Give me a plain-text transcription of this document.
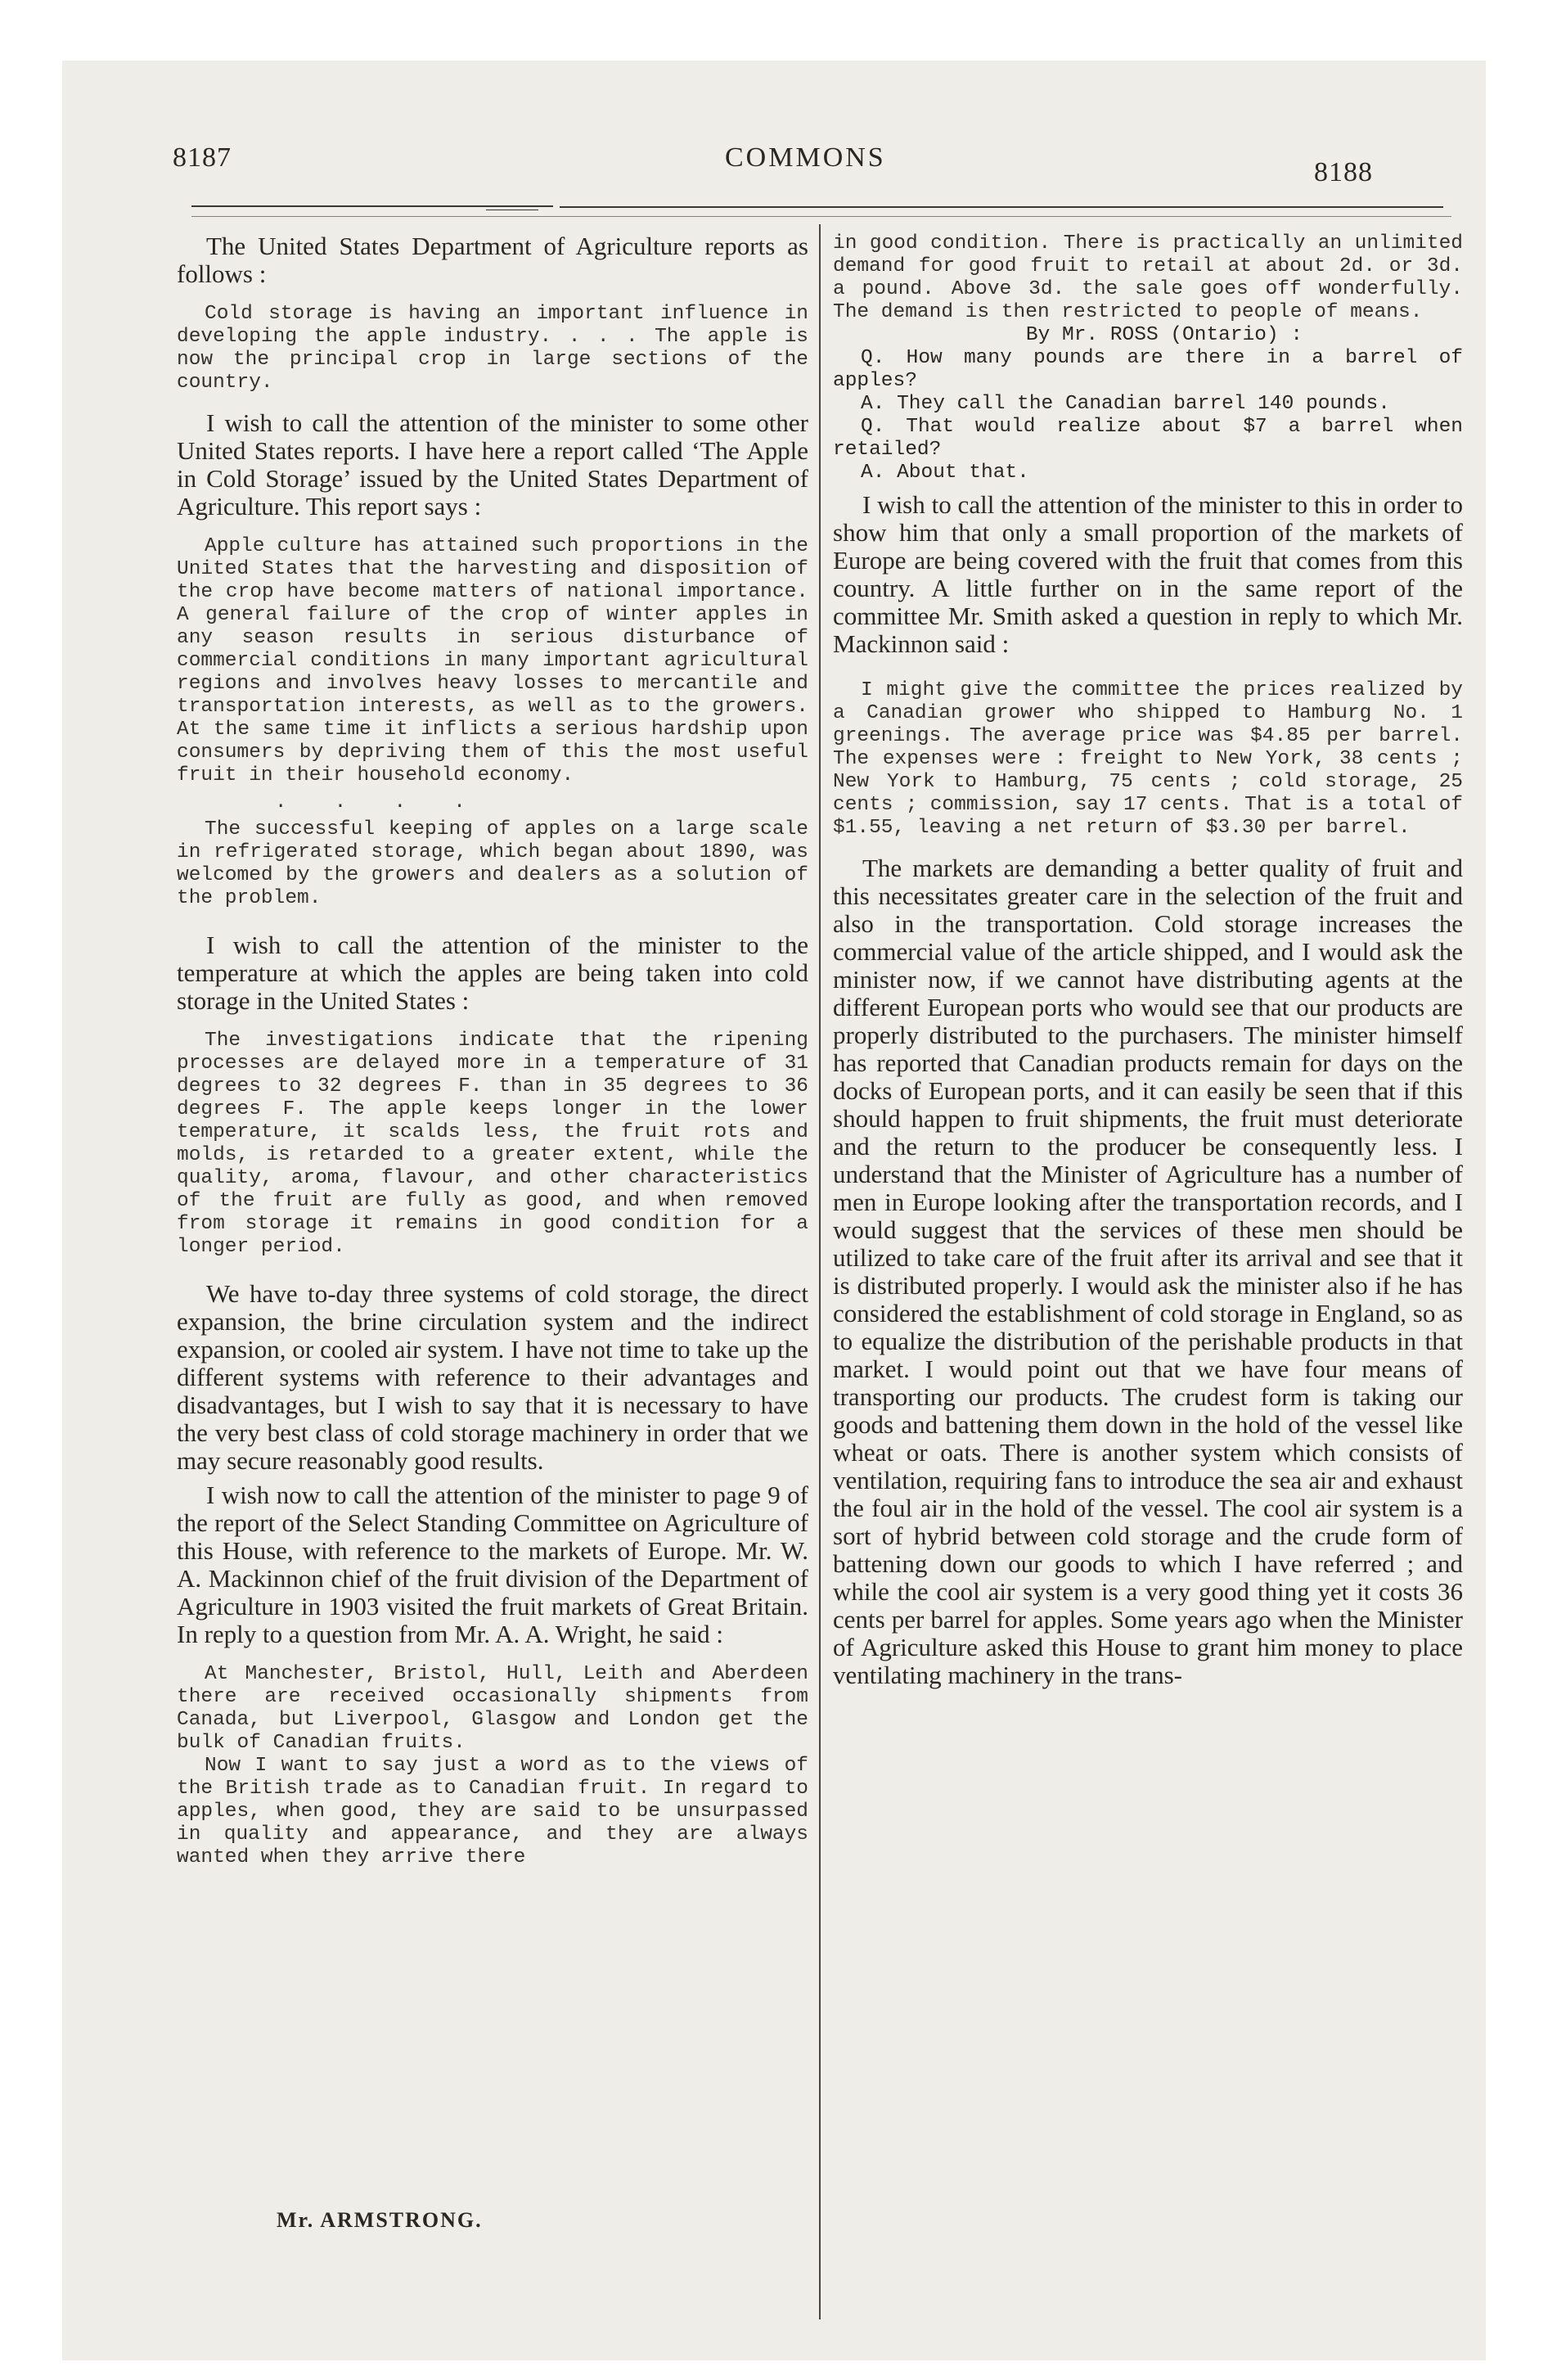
8187	COMMONS	8188

The United States Department of Agriculture reports as follows :

Cold storage is having an important influence in developing the apple industry. . . . The apple is now the principal crop in large sections of the country.

I wish to call the attention of the minister to some other United States reports. I have here a report called ‘The Apple in Cold Storage’ issued by the United States Department of Agriculture. This report says :

Apple culture has attained such proportions in the United States that the harvesting and disposition of the crop have become matters of national importance. A general failure of the crop of winter apples in any season results in serious disturbance of commercial conditions in many important agricultural regions and involves heavy losses to mercantile and transportation interests, as well as to the growers. At the same time it inflicts a serious hardship upon consumers by depriving them of this the most useful fruit in their household economy.

. . . .

The successful keeping of apples on a large scale in refrigerated storage, which began about 1890, was welcomed by the growers and dealers as a solution of the problem.

I wish to call the attention of the minister to the temperature at which the apples are being taken into cold storage in the United States :

The investigations indicate that the ripening processes are delayed more in a temperature of 31 degrees to 32 degrees F. than in 35 degrees to 36 degrees F. The apple keeps longer in the lower temperature, it scalds less, the fruit rots and molds, is retarded to a greater extent, while the quality, aroma, flavour, and other characteristics of the fruit are fully as good, and when removed from storage it remains in good condition for a longer period.

We have to-day three systems of cold storage, the direct expansion, the brine circulation system and the indirect expansion, or cooled air system. I have not time to take up the different systems with reference to their advantages and disadvantages, but I wish to say that it is necessary to have the very best class of cold storage machinery in order that we may secure reasonably good results.

I wish now to call the attention of the minister to page 9 of the report of the Select Standing Committee on Agriculture of this House, with reference to the markets of Europe. Mr. W. A. Mackinnon chief of the fruit division of the Department of Agriculture in 1903 visited the fruit markets of Great Britain. In reply to a question from Mr. A. A. Wright, he said :

At Manchester, Bristol, Hull, Leith and Aberdeen there are received occasionally shipments from Canada, but Liverpool, Glasgow and London get the bulk of Canadian fruits.

Now I want to say just a word as to the views of the British trade as to Canadian fruit. In regard to apples, when good, they are said to be unsurpassed in quality and appearance, and they are always wanted when they arrive there

Mr. ARMSTRONG.

in good condition. There is practically an unlimited demand for good fruit to retail at about 2d. or 3d. a pound. Above 3d. the sale goes off wonderfully. The demand is then restricted to people of means.

By Mr. ROSS (Ontario) :

Q. How many pounds are there in a barrel of apples?

A. They call the Canadian barrel 140 pounds.

Q. That would realize about $7 a barrel when retailed?

A. About that.

I wish to call the attention of the minister to this in order to show him that only a small proportion of the markets of Europe are being covered with the fruit that comes from this country. A little further on in the same report of the committee Mr. Smith asked a question in reply to which Mr. Mackinnon said :

I might give the committee the prices realized by a Canadian grower who shipped to Hamburg No. 1 greenings. The average price was $4.85 per barrel. The expenses were : freight to New York, 38 cents ; New York to Hamburg, 75 cents ; cold storage, 25 cents ; commission, say 17 cents. That is a total of $1.55, leaving a net return of $3.30 per barrel.

The markets are demanding a better quality of fruit and this necessitates greater care in the selection of the fruit and also in the transportation. Cold storage increases the commercial value of the article shipped, and I would ask the minister now, if we cannot have distributing agents at the different European ports who would see that our products are properly distributed to the purchasers. The minister himself has reported that Canadian products remain for days on the docks of European ports, and it can easily be seen that if this should happen to fruit shipments, the fruit must deteriorate and the return to the producer be consequently less. I understand that the Minister of Agriculture has a number of men in Europe looking after the transportation records, and I would suggest that the services of these men should be utilized to take care of the fruit after its arrival and see that it is distributed properly. I would ask the minister also if he has considered the establishment of cold storage in England, so as to equalize the distribution of the perishable products in that market. I would point out that we have four means of transporting our products. The crudest form is taking our goods and battening them down in the hold of the vessel like wheat or oats. There is another system which consists of ventilation, requiring fans to introduce the sea air and exhaust the foul air in the hold of the vessel. The cool air system is a sort of hybrid between cold storage and the crude form of battening down our goods to which I have referred ; and while the cool air system is a very good thing yet it costs 36 cents per barrel for apples. Some years ago when the Minister of Agriculture asked this House to grant him money to place ventilating machinery in the trans-
